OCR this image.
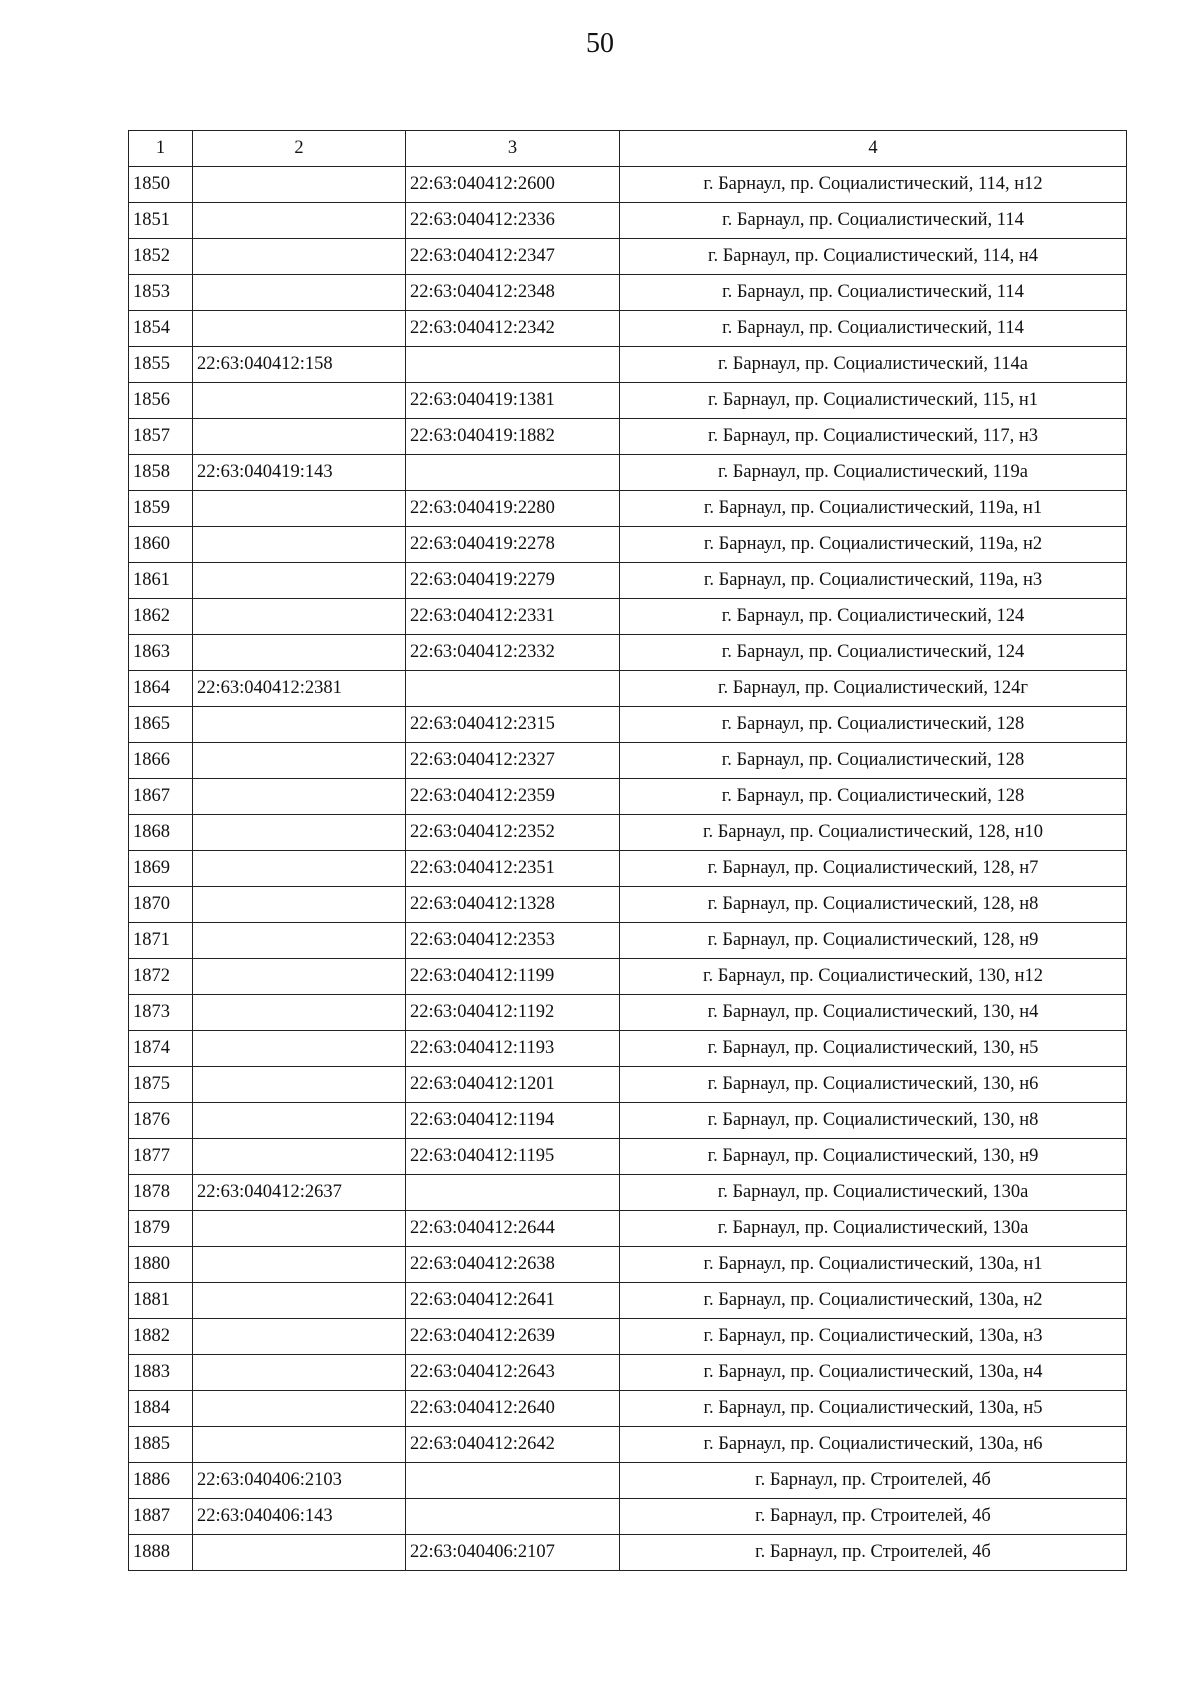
50
1	2	3	4
1850		22:63:040412:2600	г. Барнаул, пр. Социалистический, 114, н12
1851		22:63:040412:2336	г. Барнаул, пр. Социалистический, 114
1852		22:63:040412:2347	г. Барнаул, пр. Социалистический, 114, н4
1853		22:63:040412:2348	г. Барнаул, пр. Социалистический, 114
1854		22:63:040412:2342	г. Барнаул, пр. Социалистический, 114
1855	22:63:040412:158		г. Барнаул, пр. Социалистический, 114а
1856		22:63:040419:1381	г. Барнаул, пр. Социалистический, 115, н1
1857		22:63:040419:1882	г. Барнаул, пр. Социалистический, 117, н3
1858	22:63:040419:143		г. Барнаул, пр. Социалистический, 119а
1859		22:63:040419:2280	г. Барнаул, пр. Социалистический, 119а, н1
1860		22:63:040419:2278	г. Барнаул, пр. Социалистический, 119а, н2
1861		22:63:040419:2279	г. Барнаул, пр. Социалистический, 119а, н3
1862		22:63:040412:2331	г. Барнаул, пр. Социалистический, 124
1863		22:63:040412:2332	г. Барнаул, пр. Социалистический, 124
1864	22:63:040412:2381		г. Барнаул, пр. Социалистический, 124г
1865		22:63:040412:2315	г. Барнаул, пр. Социалистический, 128
1866		22:63:040412:2327	г. Барнаул, пр. Социалистический, 128
1867		22:63:040412:2359	г. Барнаул, пр. Социалистический, 128
1868		22:63:040412:2352	г. Барнаул, пр. Социалистический, 128, н10
1869		22:63:040412:2351	г. Барнаул, пр. Социалистический, 128, н7
1870		22:63:040412:1328	г. Барнаул, пр. Социалистический, 128, н8
1871		22:63:040412:2353	г. Барнаул, пр. Социалистический, 128, н9
1872		22:63:040412:1199	г. Барнаул, пр. Социалистический, 130, н12
1873		22:63:040412:1192	г. Барнаул, пр. Социалистический, 130, н4
1874		22:63:040412:1193	г. Барнаул, пр. Социалистический, 130, н5
1875		22:63:040412:1201	г. Барнаул, пр. Социалистический, 130, н6
1876		22:63:040412:1194	г. Барнаул, пр. Социалистический, 130, н8
1877		22:63:040412:1195	г. Барнаул, пр. Социалистический, 130, н9
1878	22:63:040412:2637		г. Барнаул, пр. Социалистический, 130а
1879		22:63:040412:2644	г. Барнаул, пр. Социалистический, 130а
1880		22:63:040412:2638	г. Барнаул, пр. Социалистический, 130а, н1
1881		22:63:040412:2641	г. Барнаул, пр. Социалистический, 130а, н2
1882		22:63:040412:2639	г. Барнаул, пр. Социалистический, 130а, н3
1883		22:63:040412:2643	г. Барнаул, пр. Социалистический, 130а, н4
1884		22:63:040412:2640	г. Барнаул, пр. Социалистический, 130а, н5
1885		22:63:040412:2642	г. Барнаул, пр. Социалистический, 130а, н6
1886	22:63:040406:2103		г. Барнаул, пр. Строителей, 4б
1887	22:63:040406:143		г. Барнаул, пр. Строителей, 4б
1888		22:63:040406:2107	г. Барнаул, пр. Строителей, 4б
